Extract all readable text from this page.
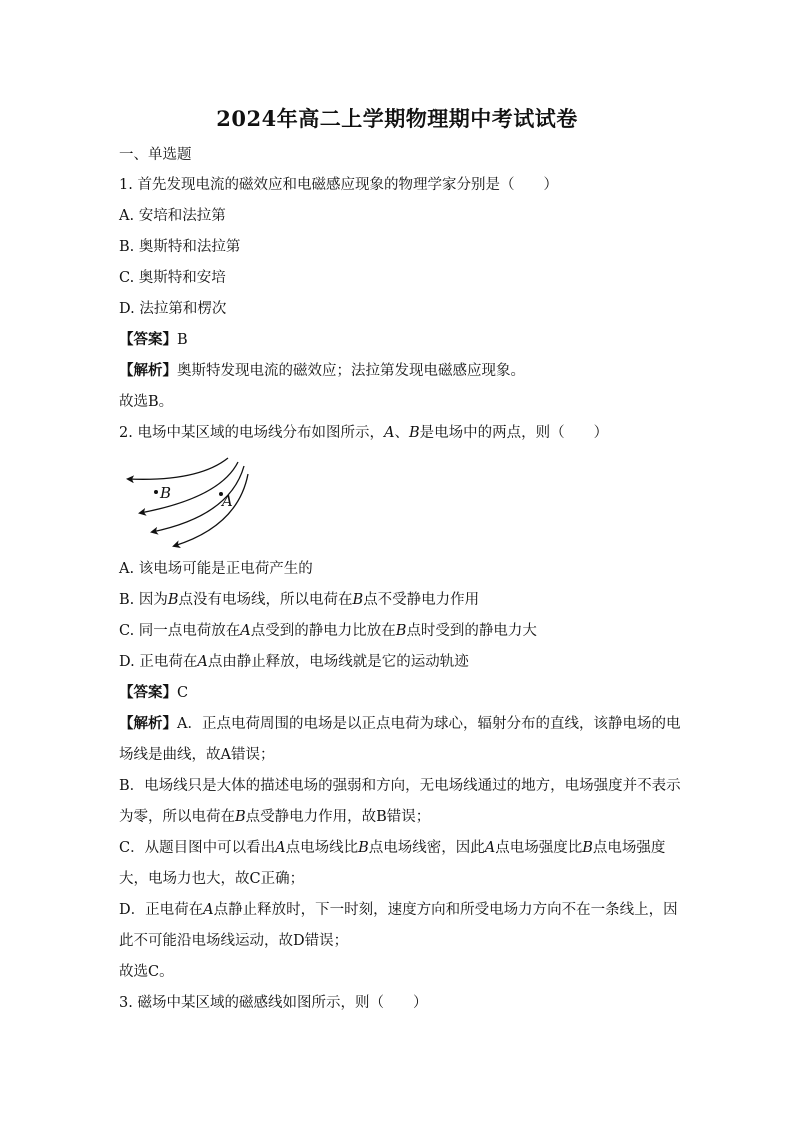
2024年高二上学期物理期中考试试卷
一、单选题
1. 首先发现电流的磁效应和电磁感应现象的物理学家分别是（　　）
A. 安培和法拉第
B. 奥斯特和法拉第
C. 奥斯特和安培
D. 法拉第和楞次
【答案】B
【解析】奥斯特发现电流的磁效应；法拉第发现电磁感应现象。
故选B。
2. 电场中某区域的电场线分布如图所示，A、B是电场中的两点，则（　　）
B	A
A. 该电场可能是正电荷产生的
B. 因为B点没有电场线，所以电荷在B点不受静电力作用
C. 同一点电荷放在A点受到的静电力比放在B点时受到的静电力大
D. 正电荷在A点由静止释放，电场线就是它的运动轨迹
【答案】C
【解析】A．正点电荷周围的电场是以正点电荷为球心，辐射分布的直线，该静电场的电
场线是曲线，故A错误；
B．电场线只是大体的描述电场的强弱和方向，无电场线通过的地方，电场强度并不表示
为零，所以电荷在B点受静电力作用，故B错误；
C．从题目图中可以看出A点电场线比B点电场线密，因此A点电场强度比B点电场强度
大，电场力也大，故C正确；
D．正电荷在A点静止释放时，下一时刻，速度方向和所受电场力方向不在一条线上，因
此不可能沿电场线运动，故D错误；
故选C。
3. 磁场中某区域的磁感线如图所示，则（　　）
